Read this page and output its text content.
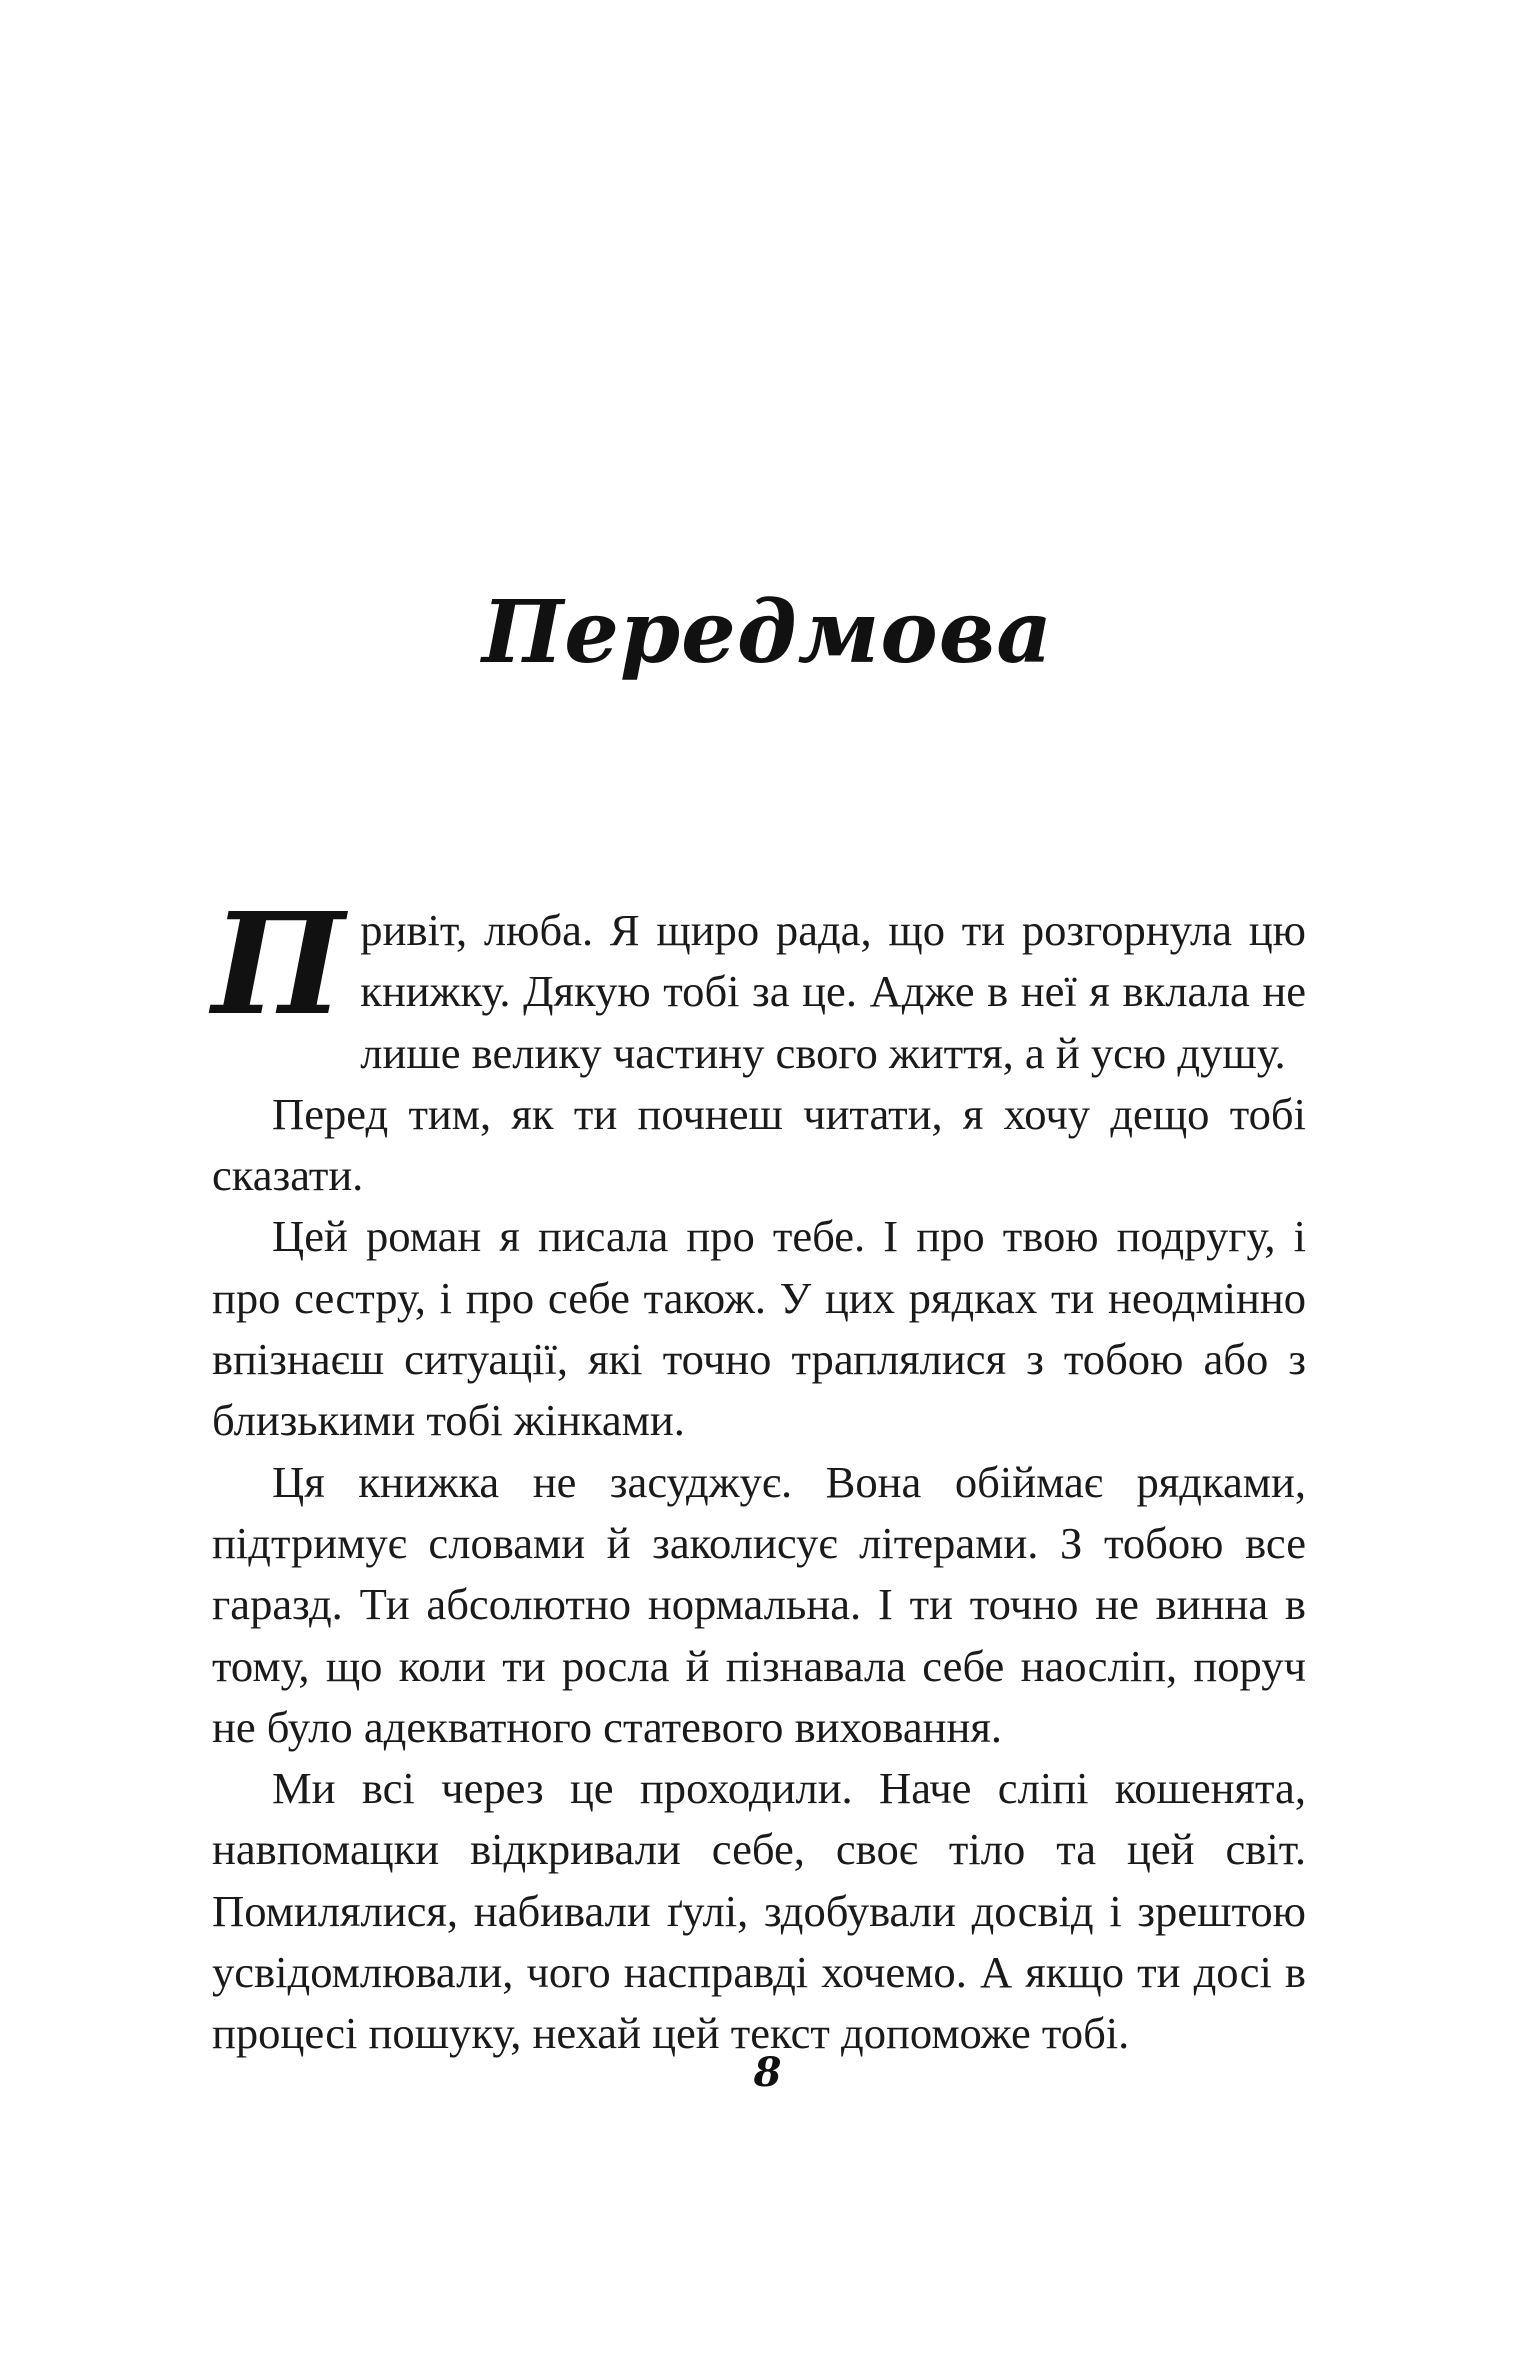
Передмова

Привіт, люба. Я щиро рада, що ти розгорнула цю книжку. Дякую тобі за це. Адже в неї я вклала не лише велику частину свого життя, а й усю душу.

Перед тим, як ти почнеш читати, я хочу дещо тобі сказати.

Цей роман я писала про тебе. І про твою подругу, і про сестру, і про себе також. У цих рядках ти неодмінно впізнаєш ситуації, які точно траплялися з тобою або з близькими тобі жінками.

Ця книжка не засуджує. Вона обіймає рядками, підтримує словами й заколисує літерами. З тобою все гаразд. Ти абсолютно нормальна. І ти точно не винна в тому, що коли ти росла й пізнавала себе наосліп, поруч не було адекватного статевого виховання.

Ми всі через це проходили. Наче сліпі кошенята, навпомацки відкривали себе, своє тіло та цей світ. Помилялися, набивали ґулі, здобували досвід і зрештою усвідомлювали, чого насправді хочемо. А якщо ти досі в процесі пошуку, нехай цей текст допоможе тобі.

8
